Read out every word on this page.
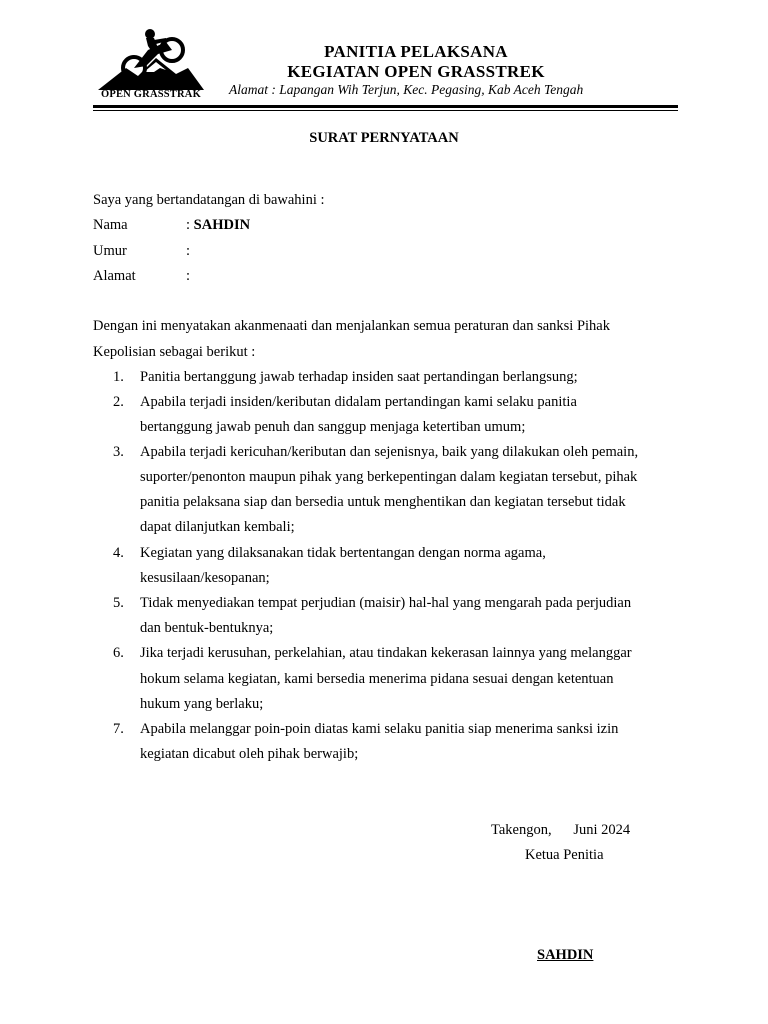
OPEN GRASSTRAK
PANITIA PELAKSANA
KEGIATAN OPEN GRASSTREK
Alamat : Lapangan Wih Terjun, Kec. Pegasing, Kab Aceh Tengah
SURAT PERNYATAAN
Saya yang bertandatangan di bawahini :
Nama	: SAHDIN
Umur	:
Alamat	:
Dengan ini menyatakan akanmenaati dan menjalankan semua peraturan dan sanksi Pihak
Kepolisian sebagai berikut :
1. Panitia bertanggung jawab terhadap insiden saat pertandingan berlangsung;
2. Apabila terjadi insiden/keributan didalam pertandingan kami selaku panitia
bertanggung jawab penuh dan sanggup menjaga ketertiban umum;
3. Apabila terjadi kericuhan/keributan dan sejenisnya, baik yang dilakukan oleh pemain,
suporter/penonton maupun pihak yang berkepentingan dalam kegiatan tersebut, pihak
panitia pelaksana siap dan bersedia untuk menghentikan dan kegiatan tersebut tidak
dapat dilanjutkan kembali;
4. Kegiatan yang dilaksanakan tidak bertentangan dengan norma agama,
kesusilaan/kesopanan;
5. Tidak menyediakan tempat perjudian (maisir) hal-hal yang mengarah pada perjudian
dan bentuk-bentuknya;
6. Jika terjadi kerusuhan, perkelahian, atau tindakan kekerasan lainnya yang melanggar
hokum selama kegiatan, kami bersedia menerima pidana sesuai dengan ketentuan
hukum yang berlaku;
7. Apabila melanggar poin-poin diatas kami selaku panitia siap menerima sanksi izin
kegiatan dicabut oleh pihak berwajib;
Takengon,      Juni 2024
Ketua Penitia
SAHDIN
